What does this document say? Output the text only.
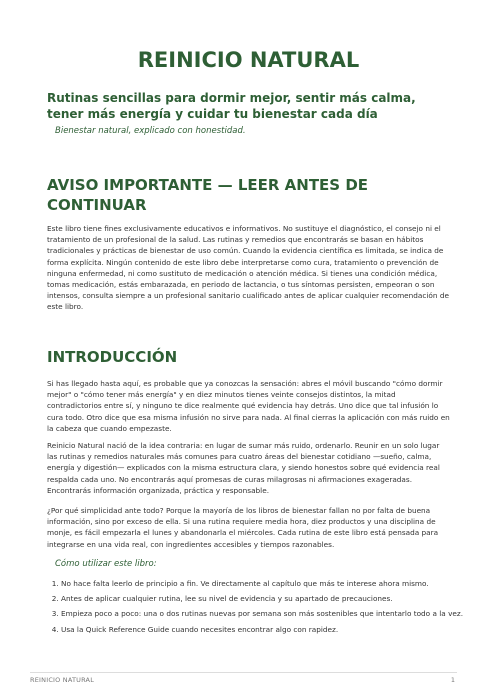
REINICIO NATURAL

Rutinas sencillas para dormir mejor, sentir más calma, tener más energía y cuidar tu bienestar cada día

Bienestar natural, explicado con honestidad.

AVISO IMPORTANTE — LEER ANTES DE CONTINUAR

Este libro tiene fines exclusivamente educativos e informativos. No sustituye el diagnóstico, el consejo ni el tratamiento de un profesional de la salud. Las rutinas y remedios que encontrarás se basan en hábitos tradicionales y prácticas de bienestar de uso común. Cuando la evidencia científica es limitada, se indica de forma explícita. Ningún contenido de este libro debe interpretarse como cura, tratamiento o prevención de ninguna enfermedad, ni como sustituto de medicación o atención médica. Si tienes una condición médica, tomas medicación, estás embarazada, en periodo de lactancia, o tus síntomas persisten, empeoran o son intensos, consulta siempre a un profesional sanitario cualificado antes de aplicar cualquier recomendación de este libro.

INTRODUCCIÓN

Si has llegado hasta aquí, es probable que ya conozcas la sensación: abres el móvil buscando "cómo dormir mejor" o "cómo tener más energía" y en diez minutos tienes veinte consejos distintos, la mitad contradictorios entre sí, y ninguno te dice realmente qué evidencia hay detrás. Uno dice que tal infusión lo cura todo. Otro dice que esa misma infusión no sirve para nada. Al final cierras la aplicación con más ruido en la cabeza que cuando empezaste.

Reinicio Natural nació de la idea contraria: en lugar de sumar más ruido, ordenarlo. Reunir en un solo lugar las rutinas y remedios naturales más comunes para cuatro áreas del bienestar cotidiano —sueño, calma, energía y digestión— explicados con la misma estructura clara, y siendo honestos sobre qué evidencia real respalda cada uno. No encontrarás aquí promesas de curas milagrosas ni afirmaciones exageradas. Encontrarás información organizada, práctica y responsable.

¿Por qué simplicidad ante todo? Porque la mayoría de los libros de bienestar fallan no por falta de buena información, sino por exceso de ella. Si una rutina requiere media hora, diez productos y una disciplina de monje, es fácil empezarla el lunes y abandonarla el miércoles. Cada rutina de este libro está pensada para integrarse en una vida real, con ingredientes accesibles y tiempos razonables.

Cómo utilizar este libro:

1. No hace falta leerlo de principio a fin. Ve directamente al capítulo que más te interese ahora mismo.
2. Antes de aplicar cualquier rutina, lee su nivel de evidencia y su apartado de precauciones.
3. Empieza poco a poco: una o dos rutinas nuevas por semana son más sostenibles que intentarlo todo a la vez.
4. Usa la Quick Reference Guide cuando necesites encontrar algo con rapidez.
REINICIO NATURAL	1
